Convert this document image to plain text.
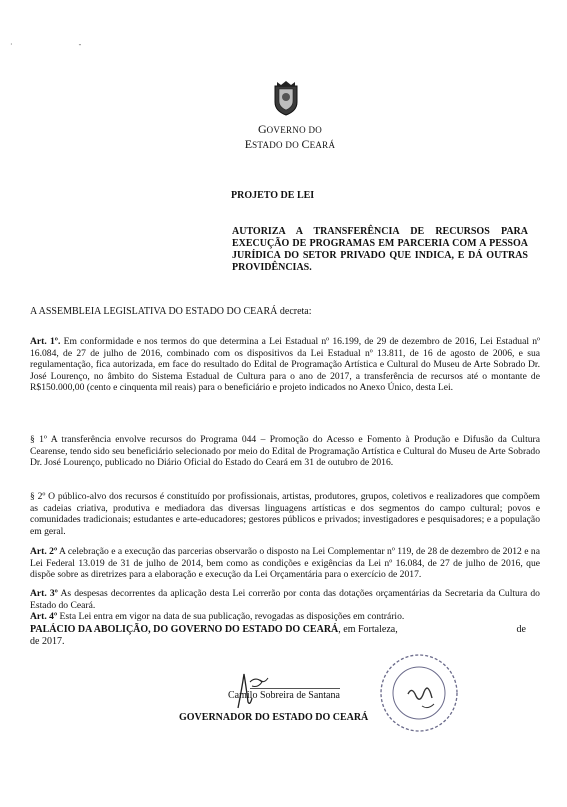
·                                 -
GOVERNO DO
ESTADO DO CEARÁ
PROJETO DE LEI
AUTORIZA A TRANSFERÊNCIA DE RECURSOS PARA EXECUÇÃO DE PROGRAMAS EM PARCERIA COM A PESSOA JURÍDICA DO SETOR PRIVADO QUE INDICA, E DÁ OUTRAS PROVIDÊNCIAS.
A ASSEMBLEIA LEGISLATIVA DO ESTADO DO CEARÁ decreta:

Art. 1º. Em conformidade e nos termos do que determina a Lei Estadual nº 16.199, de 29 de dezembro de 2016, Lei Estadual nº 16.084, de 27 de julho de 2016, combinado com os dispositivos da Lei Estadual nº 13.811, de 16 de agosto de 2006, e sua regulamentação, fica autorizada, em face do resultado do Edital de Programação Artística e Cultural do Museu de Arte Sobrado Dr. José Lourenço, no âmbito do Sistema Estadual de Cultura para o ano de 2017, a transferência de recursos até o montante de R$150.000,00 (cento e cinquenta mil reais) para o beneficiário e projeto indicados no Anexo Único, desta Lei.

§ 1º A transferência envolve recursos do Programa 044 – Promoção do Acesso e Fomento à Produção e Difusão da Cultura Cearense, tendo sido seu beneficiário selecionado por meio do Edital de Programação Artística e Cultural do Museu de Arte Sobrado Dr. José Lourenço, publicado no Diário Oficial do Estado do Ceará em 31 de outubro de 2016.

§ 2º O público-alvo dos recursos é constituído por profissionais, artistas, produtores, grupos, coletivos e realizadores que compõem as cadeias criativa, produtiva e mediadora das diversas linguagens artísticas e dos segmentos do campo cultural; povos e comunidades tradicionais; estudantes e arte-educadores; gestores públicos e privados; investigadores e pesquisadores; e a população em geral.

Art. 2º A celebração e a execução das parcerias observarão o disposto na Lei Complementar nº 119, de 28 de dezembro de 2012 e na Lei Federal 13.019 de 31 de julho de 2014, bem como as condições e exigências da Lei nº 16.084, de 27 de julho de 2016, que dispõe sobre as diretrizes para a elaboração e execução da Lei Orçamentária para o exercício de 2017.

Art. 3º As despesas decorrentes da aplicação desta Lei correrão por conta das dotações orçamentárias da Secretaria da Cultura do Estado do Ceará.

Art. 4º Esta Lei entra em vigor na data de sua publicação, revogadas as disposições em contrário.

PALÁCIO DA ABOLIÇÃO, DO GOVERNO DO ESTADO DO CEARÁ, em Fortaleza,	de
de 2017.
Camilo Sobreira de Santana
GOVERNADOR DO ESTADO DO CEARÁ
